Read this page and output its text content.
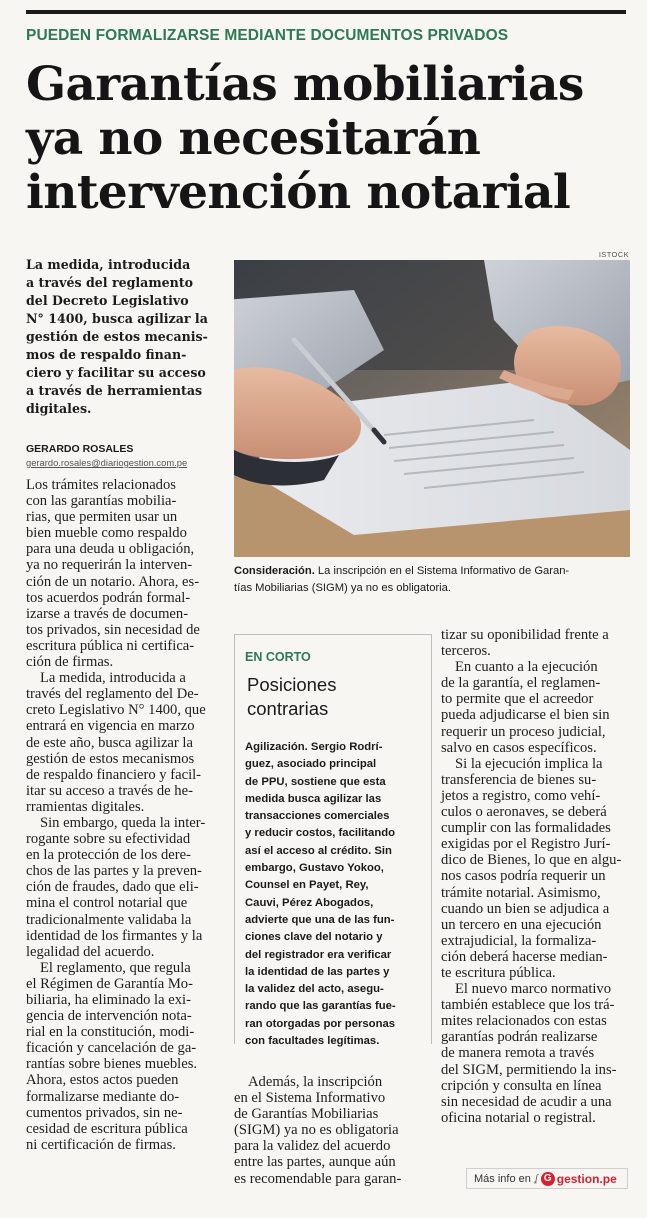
PUEDEN FORMALIZARSE MEDIANTE DOCUMENTOS PRIVADOS
Garantías mobiliarias
ya no necesitarán
intervención notarial
La medida, introducida
a través del reglamento
del Decreto Legislativo
N° 1400, busca agilizar la
gestión de estos mecanis-
mos de respaldo finan-
ciero y facilitar su acceso
a través de herramientas
digitales.
GERARDO ROSALES
gerardo.rosales@diariogestion.com.pe
Los trámites relacionados
con las garantías mobilia-
rias, que permiten usar un
bien mueble como respaldo
para una deuda u obligación,
ya no requerirán la interven-
ción de un notario. Ahora, es-
tos acuerdos podrán formal-
izarse a través de documen-
tos privados, sin necesidad de
escritura pública ni certifica-
ción de firmas.
La medida, introducida a
través del reglamento del De-
creto Legislativo N° 1400, que
entrará en vigencia en marzo
de este año, busca agilizar la
gestión de estos mecanismos
de respaldo financiero y facil-
itar su acceso a través de he-
rramientas digitales.
Sin embargo, queda la inter-
rogante sobre su efectividad
en la protección de los dere-
chos de las partes y la preven-
ción de fraudes, dado que eli-
mina el control notarial que
tradicionalmente validaba la
identidad de los firmantes y la
legalidad del acuerdo.
El reglamento, que regula
el Régimen de Garantía Mo-
biliaria, ha eliminado la exi-
gencia de intervención nota-
rial en la constitución, modi-
ficación y cancelación de ga-
rantías sobre bienes muebles.
Ahora, estos actos pueden
formalizarse mediante do-
cumentos privados, sin ne-
cesidad de escritura pública
ni certificación de firmas.
ISTOCK
Consideración. La inscripción en el Sistema Informativo de Garan-
tías Mobiliarias (SIGM) ya no es obligatoria.
EN CORTO
Posiciones
contrarias
Agilización. Sergio Rodrí-
guez, asociado principal
de PPU, sostiene que esta
medida busca agilizar las
transacciones comerciales
y reducir costos, facilitando
así el acceso al crédito. Sin
embargo, Gustavo Yokoo,
Counsel en Payet, Rey,
Cauvi, Pérez Abogados,
advierte que una de las fun-
ciones clave del notario y
del registrador era verificar
la identidad de las partes y
la validez del acto, asegu-
rando que las garantías fue-
ran otorgadas por personas
con facultades legítimas.
Además, la inscripción
en el Sistema Informativo
de Garantías Mobiliarias
(SIGM) ya no es obligatoria
para la validez del acuerdo
entre las partes, aunque aún
es recomendable para garan-
tizar su oponibilidad frente a
terceros.
En cuanto a la ejecución
de la garantía, el reglamen-
to permite que el acreedor
pueda adjudicarse el bien sin
requerir un proceso judicial,
salvo en casos específicos.
Si la ejecución implica la
transferencia de bienes su-
jetos a registro, como vehí-
culos o aeronaves, se deberá
cumplir con las formalidades
exigidas por el Registro Jurí-
dico de Bienes, lo que en algu-
nos casos podría requerir un
trámite notarial. Asimismo,
cuando un bien se adjudica a
un tercero en una ejecución
extrajudicial, la formaliza-
ción deberá hacerse median-
te escritura pública.
El nuevo marco normativo
también establece que los trá-
mites relacionados con estas
garantías podrán realizarse
de manera remota a través
del SIGM, permitiendo la ins-
cripción y consulta en línea
sin necesidad de acudir a una
oficina notarial o registral.
Más info en ʆ G gestion.pe
